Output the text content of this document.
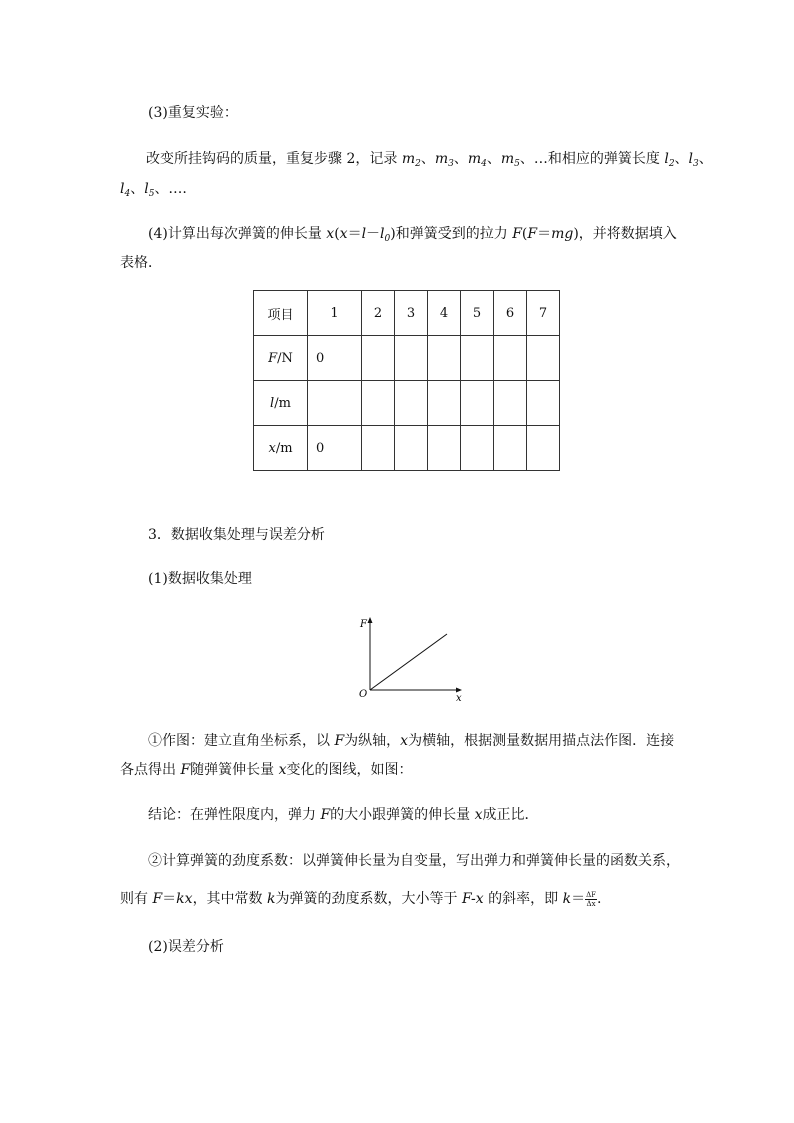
(3)重复实验：
改变所挂钩码的质量，重复步骤 2，记录 $m_2$、$m_3$、$m_4$、$m_5$、…和相应的弹簧长度 $l_2$、$l_3$、
$l_4$、$l_5$、….
(4)计算出每次弹簧的伸长量 $x(x=l-l_0)$和弹簧受到的拉力 F(F＝mg)，并将数据填入
表格．
项目	1	2	3	4	5	6	7
F/N	0						
l/m							
x/m	0						
3．数据收集处理与误差分析
(1)数据收集处理
F
x
O
①作图：建立直角坐标系，以 F为纵轴，x为横轴，根据测量数据用描点法作图．连接
各点得出 F随弹簧伸长量 x变化的图线，如图：
结论：在弹性限度内，弹力 F的大小跟弹簧的伸长量 x成正比．
②计算弹簧的劲度系数：以弹簧伸长量为自变量，写出弹力和弹簧伸长量的函数关系，
则有 F＝kx，其中常数 k为弹簧的劲度系数，大小等于 F-x 的斜率，即 $k= \frac{\Delta F}{\Delta x}$ .
(2)误差分析
